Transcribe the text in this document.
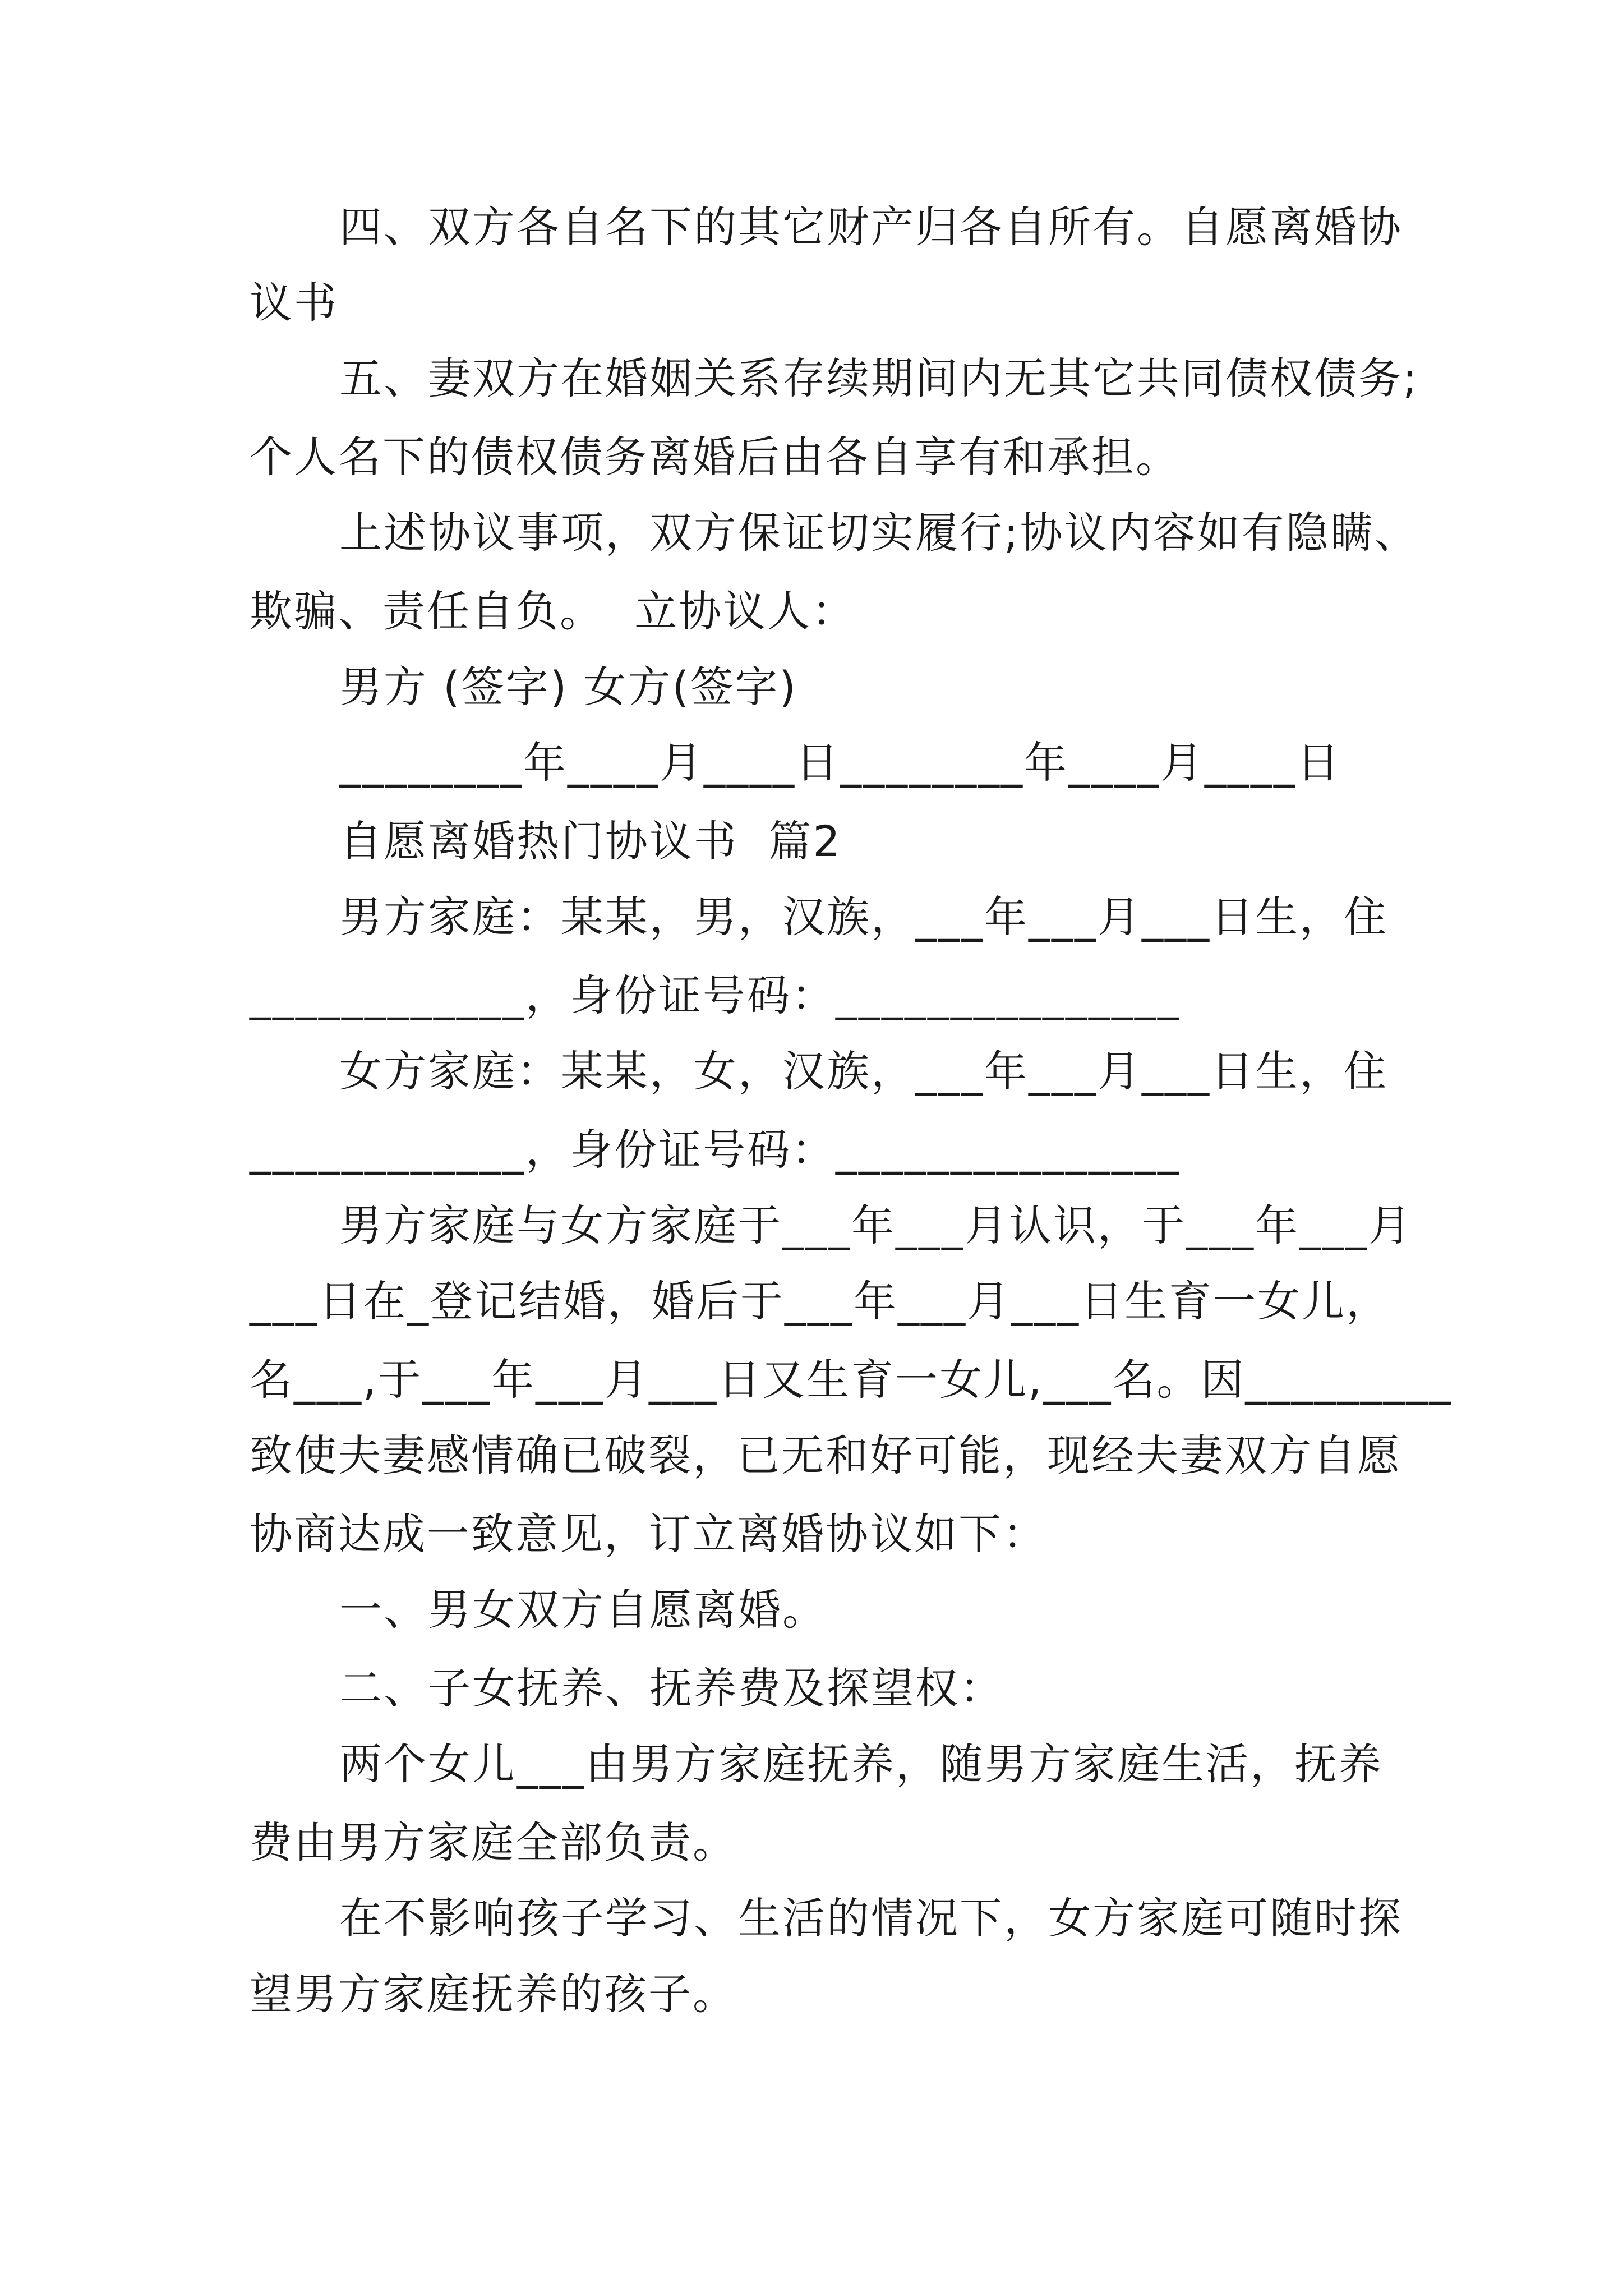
四、双方各自名下的其它财产归各自所有。自愿离婚协
议书
五、妻双方在婚姻关系存续期间内无其它共同债权债务;
个人名下的债权债务离婚后由各自享有和承担。
上述协议事项，双方保证切实履行;协议内容如有隐瞒、
欺骗、责任自负。  立协议人：
男方 (签字) 女方(签字)
________年____月____日________年____月____日
自愿离婚热门协议书  篇2
男方家庭：某某，男，汉族，___年___月___日生，住
____________，身份证号码：_______________
女方家庭：某某，女，汉族，___年___月___日生，住
____________，身份证号码：_______________
男方家庭与女方家庭于___年___月认识，于___年___月
___日在_登记结婚，婚后于___年___月___日生育一女儿，
名___,于___年___月___日又生育一女儿,___名。因_________
致使夫妻感情确已破裂，已无和好可能，现经夫妻双方自愿
协商达成一致意见，订立离婚协议如下：
一、男女双方自愿离婚。
二、子女抚养、抚养费及探望权：
两个女儿___由男方家庭抚养，随男方家庭生活，抚养
费由男方家庭全部负责。
在不影响孩子学习、生活的情况下，女方家庭可随时探
望男方家庭抚养的孩子。
